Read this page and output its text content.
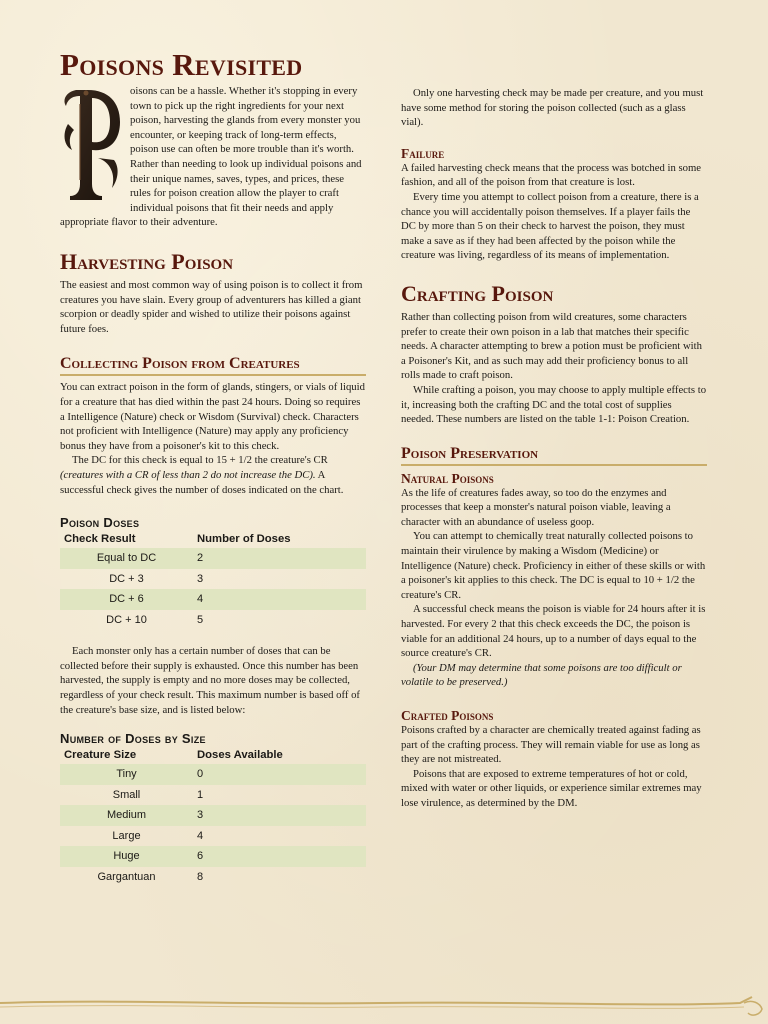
Poisons Revisited

oisons can be a hassle. Whether it's stopping in every town to pick up the right ingredients for your next poison, harvesting the glands from every monster you encounter, or keeping track of long-term effects, poison use can often be more trouble than it's worth. Rather than needing to look up individual poisons and their unique names, saves, types, and prices, these rules for poison creation allow the player to craft individual poisons that fit their needs and apply appropriate flavor to their adventure.

Harvesting Poison

The easiest and most common way of using poison is to collect it from creatures you have slain. Every group of adventurers has killed a giant scorpion or deadly spider and wished to utilize their poisons against future foes.

Collecting Poison from Creatures

You can extract poison in the form of glands, stingers, or vials of liquid for a creature that has died within the past 24 hours. Doing so requires a Intelligence (Nature) check or Wisdom (Survival) check. Characters not proficient with Intelligence (Nature) may apply any proficiency bonus they have from a poisoner's kit to this check.

The DC for this check is equal to 15 + 1/2 the creature's CR (creatures with a CR of less than 2 do not increase the DC). A successful check gives the number of doses indicated on the chart.

Poison Doses
Check Result	Number of Doses
Equal to DC	2
DC + 3	3
DC + 6	4
DC + 10	5

Each monster only has a certain number of doses that can be collected before their supply is exhausted. Once this number has been harvested, the supply is empty and no more doses may be collected, regardless of your check result. This maximum number is based off of the creature's base size, and is listed below:

Number of Doses by Size
Creature Size	Doses Available
Tiny	0
Small	1
Medium	3
Large	4
Huge	6
Gargantuan	8

Only one harvesting check may be made per creature, and you must have some method for storing the poison collected (such as a glass vial).

Failure

A failed harvesting check means that the process was botched in some fashion, and all of the poison from that creature is lost.

Every time you attempt to collect poison from a creature, there is a chance you will accidentally poison themselves. If a player fails the DC by more than 5 on their check to harvest the poison, they must make a save as if they had been affected by the poison while the creature was living, regardless of its means of implementation.

Crafting Poison

Rather than collecting poison from wild creatures, some characters prefer to create their own poison in a lab that matches their specific needs. A character attempting to brew a potion must be proficient with a Poisoner's Kit, and as such may add their proficiency bonus to all rolls made to craft poison.

While crafting a poison, you may choose to apply multiple effects to it, increasing both the crafting DC and the total cost of supplies needed. These numbers are listed on the table 1-1: Poison Creation.

Poison Preservation
Natural Poisons

As the life of creatures fades away, so too do the enzymes and processes that keep a monster's natural poison viable, leaving a character with an abundance of useless goop.

You can attempt to chemically treat naturally collected poisons to maintain their virulence by making a Wisdom (Medicine) or Intelligence (Nature) check. Proficiency in either of these skills or with a poisoner's kit applies to this check. The DC is equal to 10 + 1/2 the creature's CR.

A successful check means the poison is viable for 24 hours after it is harvested. For every 2 that this check exceeds the DC, the poison is viable for an additional 24 hours, up to a number of days equal to the source creature's CR.

(Your DM may determine that some poisons are too difficult or volatile to be preserved.)

Crafted Poisons

Poisons crafted by a character are chemically treated against fading as part of the crafting process. They will remain viable for use as long as they are not mistreated.

Poisons that are exposed to extreme temperatures of hot or cold, mixed with water or other liquids, or experience similar extremes may lose virulence, as determined by the DM.
